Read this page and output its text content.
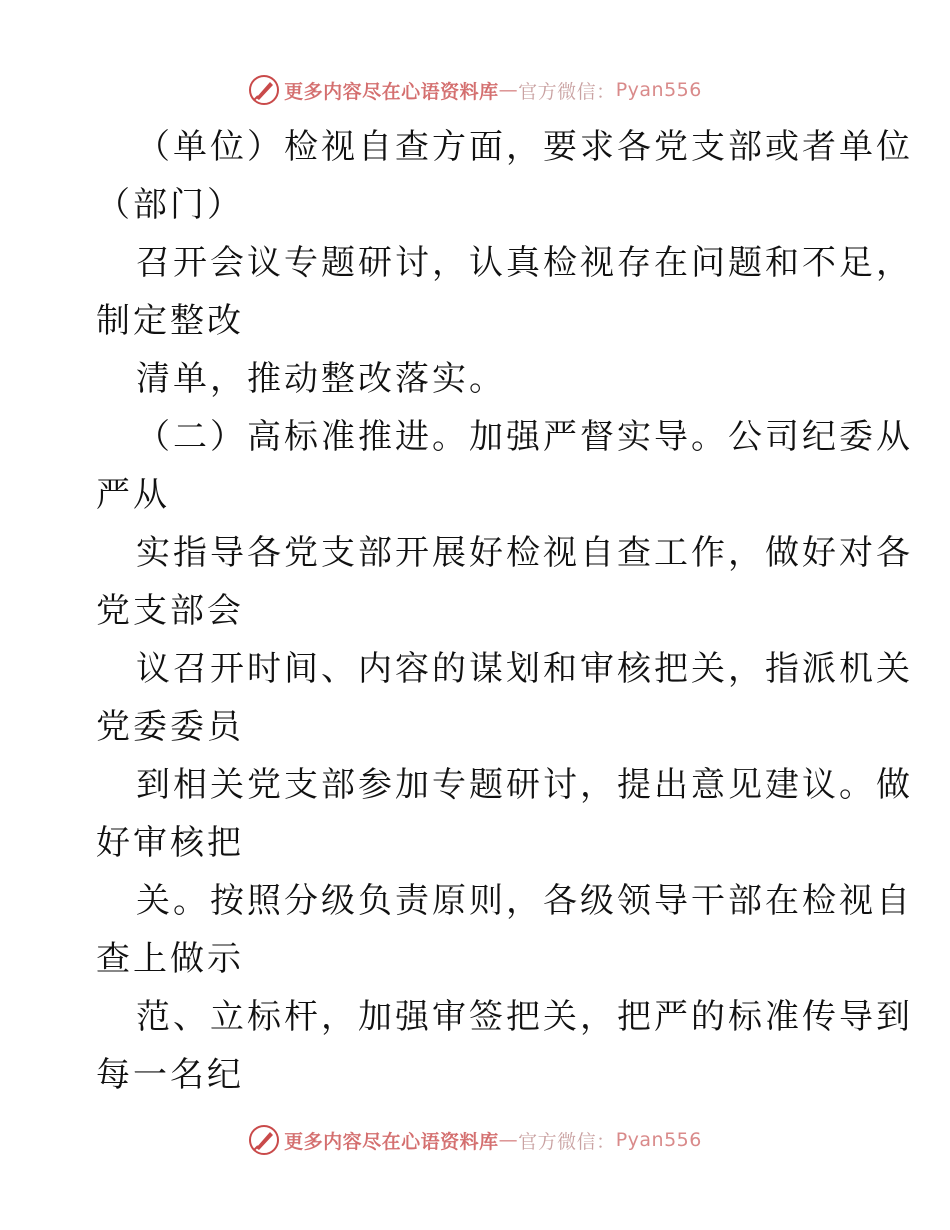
更多内容尽在心语资料库 — 官方微信： Pyan556
（单位）检视自查方面，要求各党支部或者单位
（部门）
召开会议专题研讨，认真检视存在问题和不足，
制定整改
清单，推动整改落实。
（二）高标准推进。加强严督实导。公司纪委从
严从
实指导各党支部开展好检视自查工作，做好对各
党支部会
议召开时间、内容的谋划和审核把关，指派机关
党委委员
到相关党支部参加专题研讨，提出意见建议。做
好审核把
关。按照分级负责原则，各级领导干部在检视自
查上做示
范、立标杆，加强审签把关，把严的标准传导到
每一名纪
更多内容尽在心语资料库 — 官方微信： Pyan556
